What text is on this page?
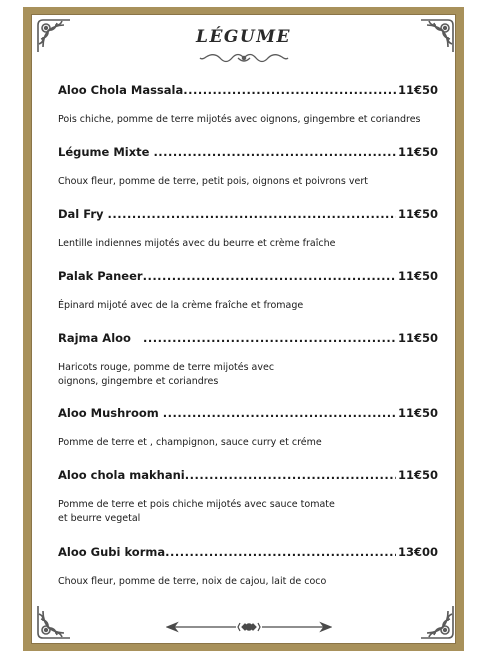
LÉGUME
Aloo Chola Massala .....	11€50
Pois chiche, pomme de terre mijotés avec oignons, gingembre et coriandres
Légume Mixte .....	11€50
Choux fleur, pomme de terre, petit pois, oignons et poivrons vert
Dal Fry .....	11€50
Lentille indiennes mijotés avec du beurre et crème fraîche
Palak Paneer .....	11€50
Épinard mijoté avec de la crème fraîche et fromage
Rajma Aloo .....	11€50
Haricots rouge, pomme de terre mijotés avec
oignons, gingembre et coriandres
Aloo Mushroom .....	11€50
Pomme de terre et , champignon, sauce curry et créme
Aloo chola makhani .....	11€50
Pomme de terre et pois chiche mijotés avec sauce tomate
et beurre vegetal
Aloo Gubi korma .....	13€00
Choux fleur, pomme de terre, noix de cajou, lait de coco
